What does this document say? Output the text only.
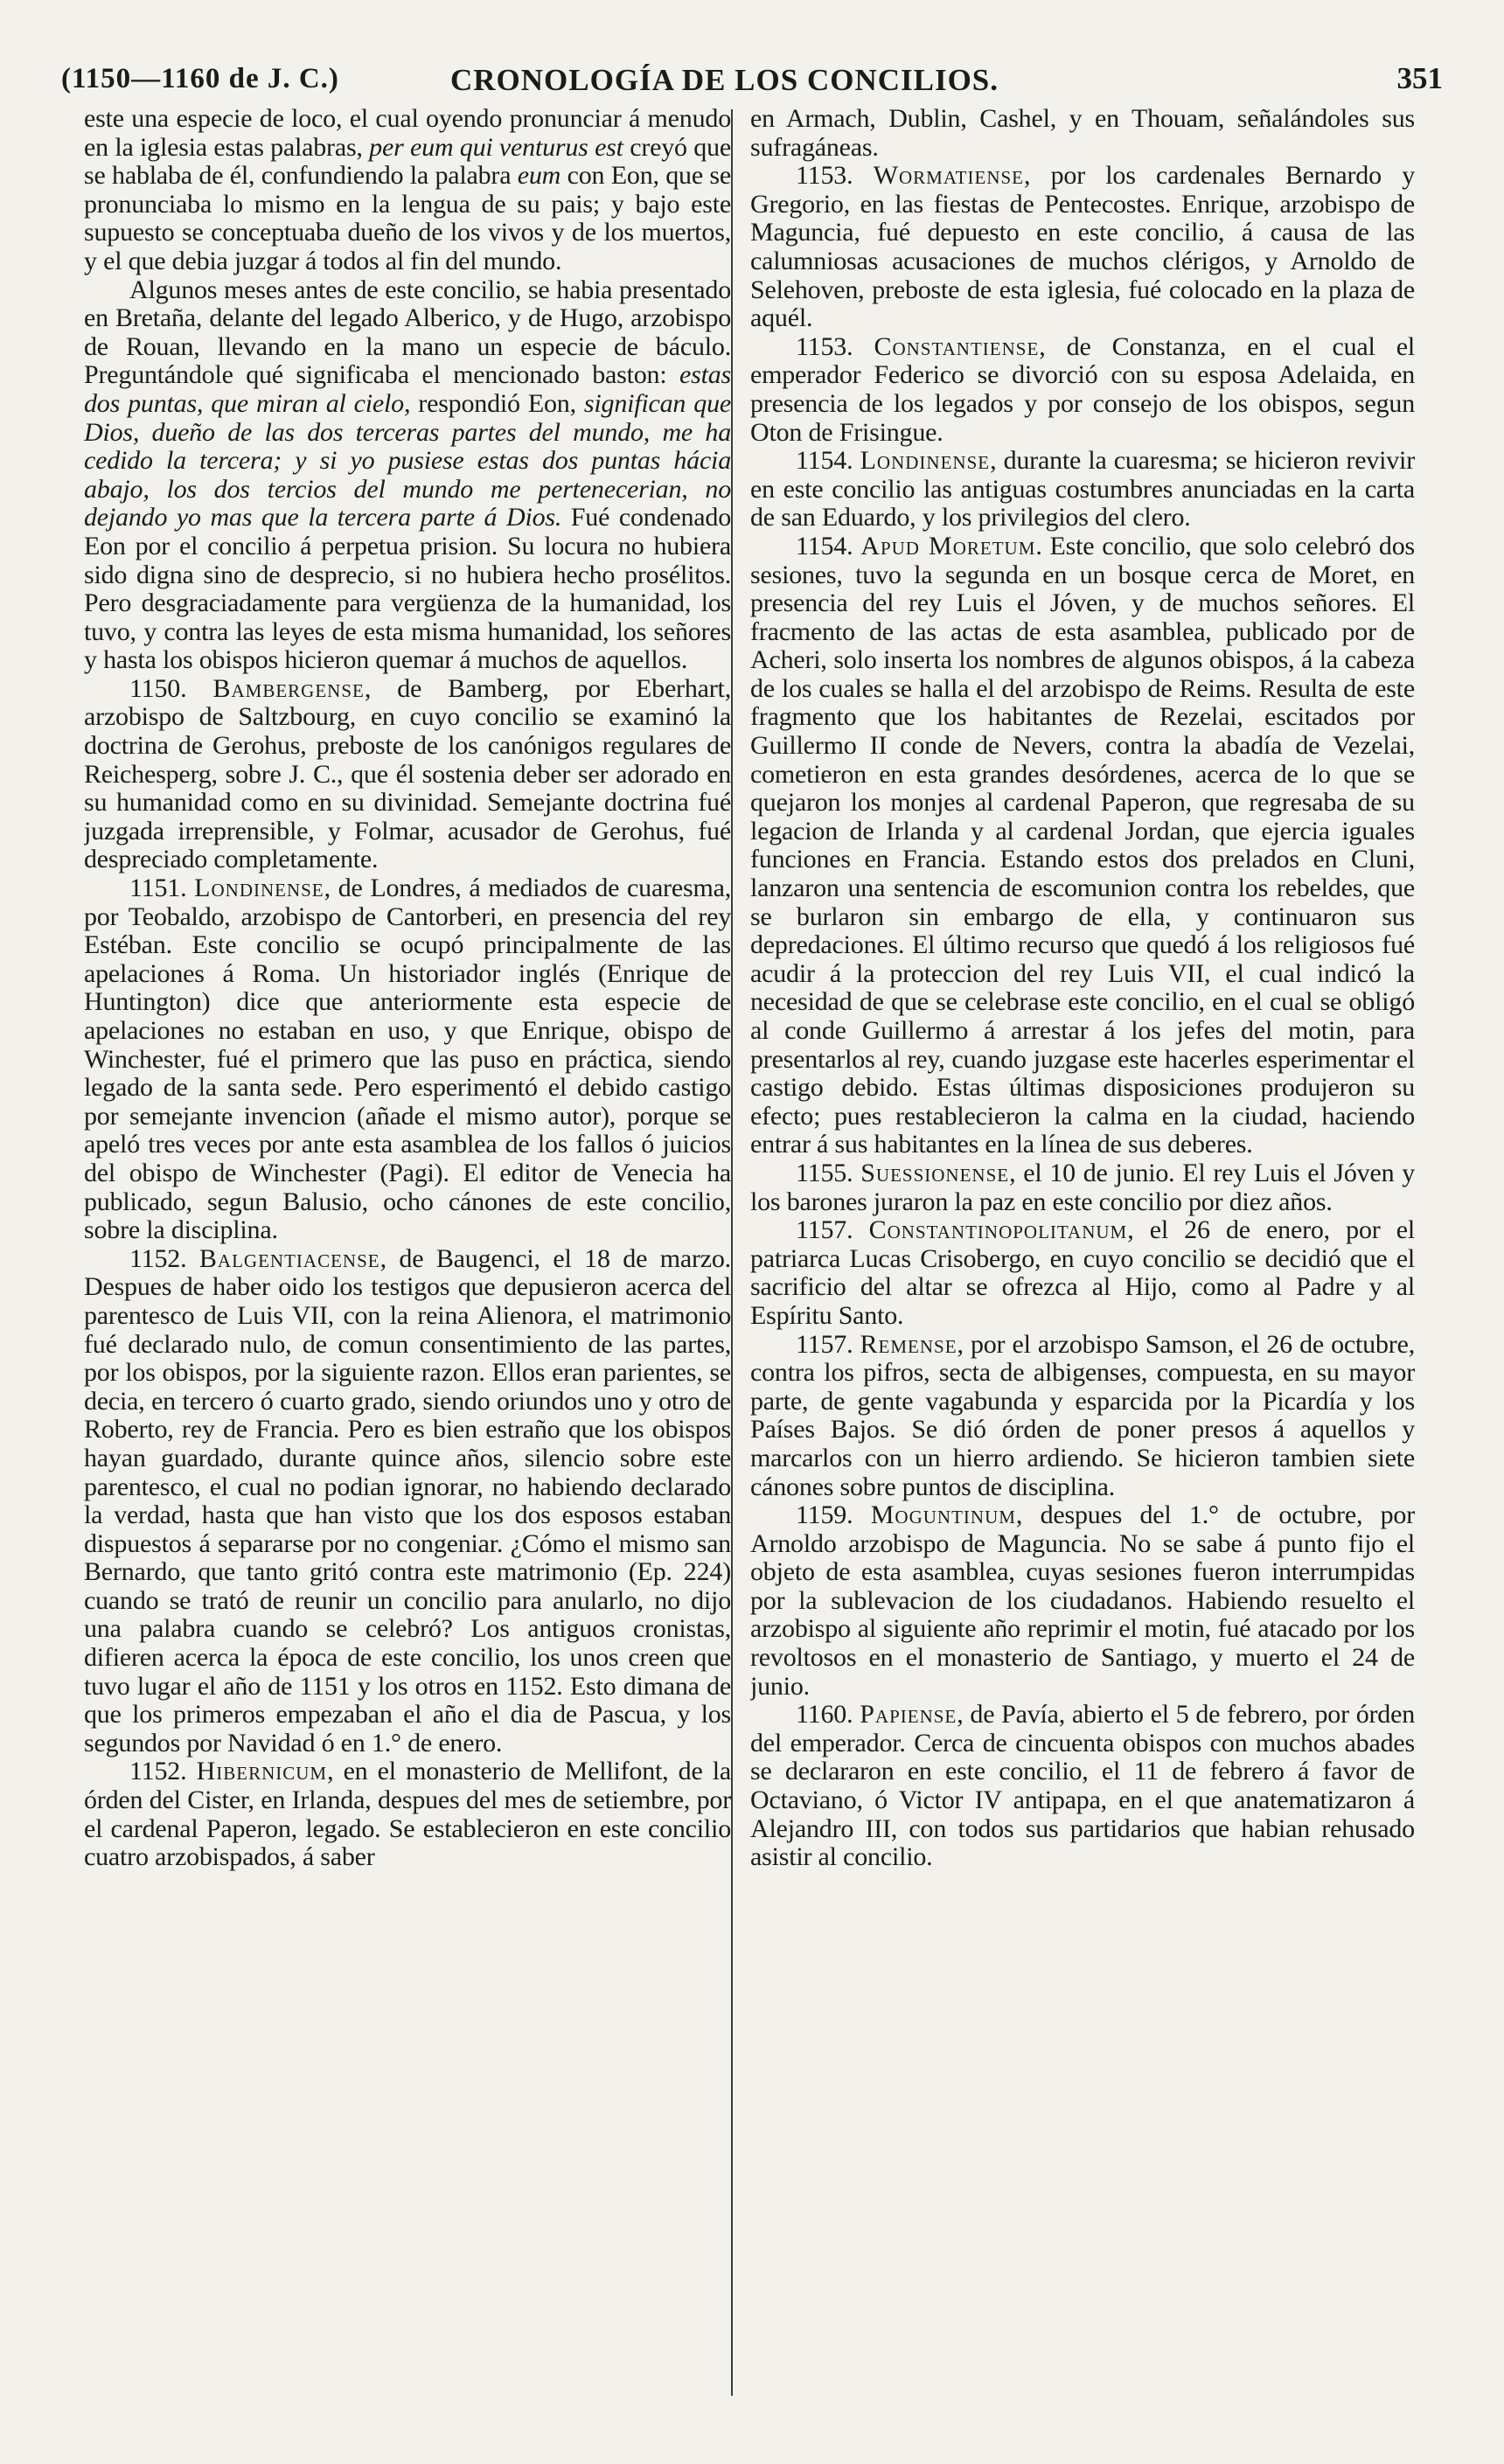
(1150—1160 de J. C.)	CRONOLOGÍA DE LOS CONCILIOS.	351

este una especie de loco, el cual oyendo pronunciar á menudo en la iglesia estas palabras, per eum qui venturus est creyó que se hablaba de él, confundiendo la palabra eum con Eon, que se pronunciaba lo mismo en la lengua de su pais; y bajo este supuesto se conceptuaba dueño de los vivos y de los muertos, y el que debia juzgar á todos al fin del mundo.

Algunos meses antes de este concilio, se habia presentado en Bretaña, delante del legado Alberico, y de Hugo, arzobispo de Rouan, llevando en la mano un especie de báculo. Preguntándole qué significaba el mencionado baston: estas dos puntas, que miran al cielo, respondió Eon, significan que Dios, dueño de las dos terceras partes del mundo, me ha cedido la tercera; y si yo pusiese estas dos puntas hácia abajo, los dos tercios del mundo me pertenecerian, no dejando yo mas que la tercera parte á Dios. Fué condenado Eon por el concilio á perpetua prision. Su locura no hubiera sido digna sino de desprecio, si no hubiera hecho prosélitos. Pero desgraciadamente para vergüenza de la humanidad, los tuvo, y contra las leyes de esta misma humanidad, los señores y hasta los obispos hicieron quemar á muchos de aquellos.

1150. Bambergense, de Bamberg, por Eberhart, arzobispo de Saltzbourg, en cuyo concilio se examinó la doctrina de Gerohus, preboste de los canónigos regulares de Reichesperg, sobre J. C., que él sostenia deber ser adorado en su humanidad como en su divinidad. Semejante doctrina fué juzgada irreprensible, y Folmar, acusador de Gerohus, fué despreciado completamente.

1151. Londinense, de Londres, á mediados de cuaresma, por Teobaldo, arzobispo de Cantorberi, en presencia del rey Estéban. Este concilio se ocupó principalmente de las apelaciones á Roma. Un historiador inglés (Enrique de Huntington) dice que anteriormente esta especie de apelaciones no estaban en uso, y que Enrique, obispo de Winchester, fué el primero que las puso en práctica, siendo legado de la santa sede. Pero esperimentó el debido castigo por semejante invencion (añade el mismo autor), porque se apeló tres veces por ante esta asamblea de los fallos ó juicios del obispo de Winchester (Pagi). El editor de Venecia ha publicado, segun Balusio, ocho cánones de este concilio, sobre la disciplina.

1152. Balgentiacense, de Baugenci, el 18 de marzo. Despues de haber oido los testigos que depusieron acerca del parentesco de Luis VII, con la reina Alienora, el matrimonio fué declarado nulo, de comun consentimiento de las partes, por los obispos, por la siguiente razon. Ellos eran parientes, se decia, en tercero ó cuarto grado, siendo oriundos uno y otro de Roberto, rey de Francia. Pero es bien estraño que los obispos hayan guardado, durante quince años, silencio sobre este parentesco, el cual no podian ignorar, no habiendo declarado la verdad, hasta que han visto que los dos esposos estaban dispuestos á separarse por no congeniar. ¿Cómo el mismo san Bernardo, que tanto gritó contra este matrimonio (Ep. 224) cuando se trató de reunir un concilio para anularlo, no dijo una palabra cuando se celebró? Los antiguos cronistas, difieren acerca la época de este concilio, los unos creen que tuvo lugar el año de 1151 y los otros en 1152. Esto dimana de que los primeros empezaban el año el dia de Pascua, y los segundos por Navidad ó en 1.° de enero.

1152. Hibernicum, en el monasterio de Mellifont, de la órden del Cister, en Irlanda, despues del mes de setiembre, por el cardenal Paperon, legado. Se establecieron en este concilio cuatro arzobispados, á saber

en Armach, Dublin, Cashel, y en Thouam, señalándoles sus sufragáneas.

1153. Wormatiense, por los cardenales Bernardo y Gregorio, en las fiestas de Pentecostes. Enrique, arzobispo de Maguncia, fué depuesto en este concilio, á causa de las calumniosas acusaciones de muchos clérigos, y Arnoldo de Selehoven, preboste de esta iglesia, fué colocado en la plaza de aquél.

1153. Constantiense, de Constanza, en el cual el emperador Federico se divorció con su esposa Adelaida, en presencia de los legados y por consejo de los obispos, segun Oton de Frisingue.

1154. Londinense, durante la cuaresma; se hicieron revivir en este concilio las antiguas costumbres anunciadas en la carta de san Eduardo, y los privilegios del clero.

1154. Apud Moretum. Este concilio, que solo celebró dos sesiones, tuvo la segunda en un bosque cerca de Moret, en presencia del rey Luis el Jóven, y de muchos señores. El fracmento de las actas de esta asamblea, publicado por de Acheri, solo inserta los nombres de algunos obispos, á la cabeza de los cuales se halla el del arzobispo de Reims. Resulta de este fragmento que los habitantes de Rezelai, escitados por Guillermo II conde de Nevers, contra la abadía de Vezelai, cometieron en esta grandes desórdenes, acerca de lo que se quejaron los monjes al cardenal Paperon, que regresaba de su legacion de Irlanda y al cardenal Jordan, que ejercia iguales funciones en Francia. Estando estos dos prelados en Cluni, lanzaron una sentencia de escomunion contra los rebeldes, que se burlaron sin embargo de ella, y continuaron sus depredaciones. El último recurso que quedó á los religiosos fué acudir á la proteccion del rey Luis VII, el cual indicó la necesidad de que se celebrase este concilio, en el cual se obligó al conde Guillermo á arrestar á los jefes del motin, para presentarlos al rey, cuando juzgase este hacerles esperimentar el castigo debido. Estas últimas disposiciones produjeron su efecto; pues restablecieron la calma en la ciudad, haciendo entrar á sus habitantes en la línea de sus deberes.

1155. Suessionense, el 10 de junio. El rey Luis el Jóven y los barones juraron la paz en este concilio por diez años.

1157. Constantinopolitanum, el 26 de enero, por el patriarca Lucas Crisobergo, en cuyo concilio se decidió que el sacrificio del altar se ofrezca al Hijo, como al Padre y al Espíritu Santo.

1157. Remense, por el arzobispo Samson, el 26 de octubre, contra los pifros, secta de albigenses, compuesta, en su mayor parte, de gente vagabunda y esparcida por la Picardía y los Países Bajos. Se dió órden de poner presos á aquellos y marcarlos con un hierro ardiendo. Se hicieron tambien siete cánones sobre puntos de disciplina.

1159. Moguntinum, despues del 1.° de octubre, por Arnoldo arzobispo de Maguncia. No se sabe á punto fijo el objeto de esta asamblea, cuyas sesiones fueron interrumpidas por la sublevacion de los ciudadanos. Habiendo resuelto el arzobispo al siguiente año reprimir el motin, fué atacado por los revoltosos en el monasterio de Santiago, y muerto el 24 de junio.

1160. Papiense, de Pavía, abierto el 5 de febrero, por órden del emperador. Cerca de cincuenta obispos con muchos abades se declararon en este concilio, el 11 de febrero á favor de Octaviano, ó Victor IV antipapa, en el que anatematizaron á Alejandro III, con todos sus partidarios que habian rehusado asistir al concilio.
